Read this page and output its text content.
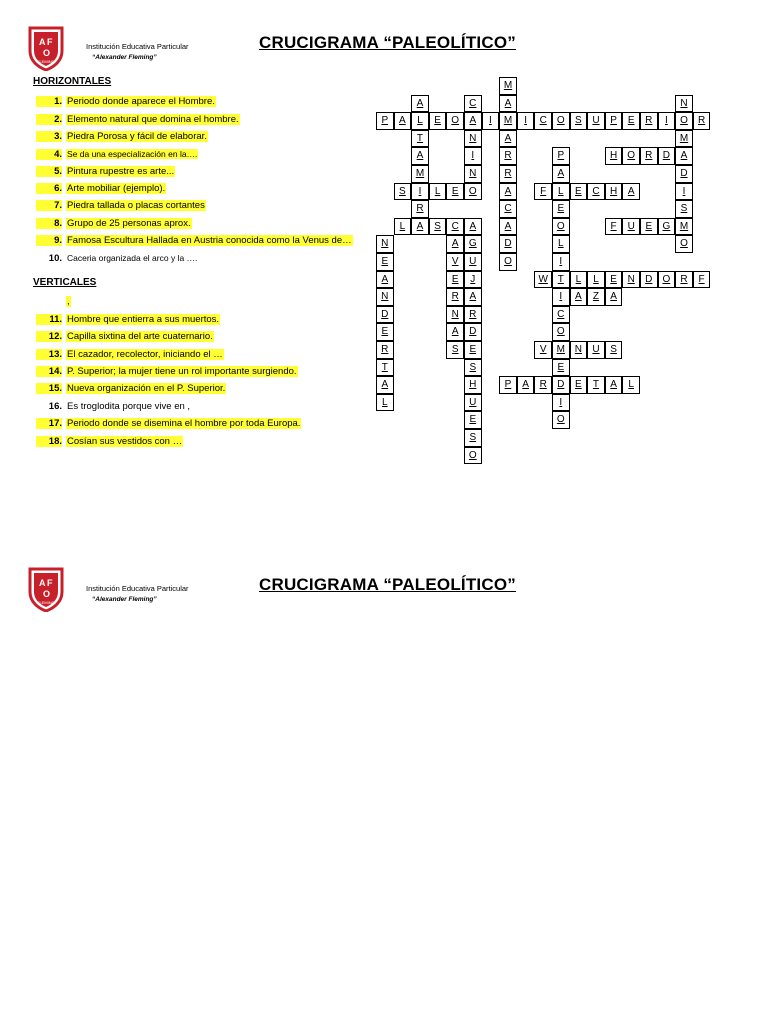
A F
O
FLEMING
Institución Educativa Particular
“Alexander Fleming”
CRUCIGRAMA “PALEOLÍTICO”
HORIZONTALES
1. Periodo donde aparece el Hombre.
2. Elemento natural que domina el hombre.
3. Piedra Porosa y fácil de elaborar.
4. Se da una especialización en la….
5. Pintura rupestre es arte...
6. Arte mobiliar (ejemplo).
7. Piedra tallada o placas cortantes
8. Grupo de 25 personas aprox.
9. Famosa Escultura Hallada en Austria conocida como la Venus de…
10. Caceria organizada el arco y la ….
VERTICALES
,
11. Hombre que entierra a sus muertos.
12. Capilla sixtina del arte cuaternario.
13. El cazador, recolector, iniciando el …
14. P. Superior; la mujer tiene un rol importante surgiendo.
15. Nueva organización en el P. Superior.
16. Es troglodita porque vive en ,
17. Periodo donde se disemina el hombre por toda Europa.
18. Cosían sus vestidos con …
P	A	L	E	O	A	I	M	I	C	O	S	U	P	E	R	I	O	R
S	I	L	E	O
L	A	S	C	A
H	O	R	D	A
F	L	E	C	H	A
F	U	E	G M
W T	L	L	E	N	D	O	R	F
I	A	Z	A
V	M N	U	S
P	A	R	D	E	T	A	L
A
T
A
M
R
C
N
I
N
M
A
A
R
R
A
C
A
D
O
N
M
D
I
S
O
N
E
A
N
D
E
R
T
A
L
A
V
E
R
N
A
S
G
U
J
A
R
D
E
S
H
U
E
S
O
P
A
E
O
L
I
C
O
E
I
O
A F
O
FLEMING
Institución Educativa Particular
“Alexander Fleming”
CRUCIGRAMA “PALEOLÍTICO”
